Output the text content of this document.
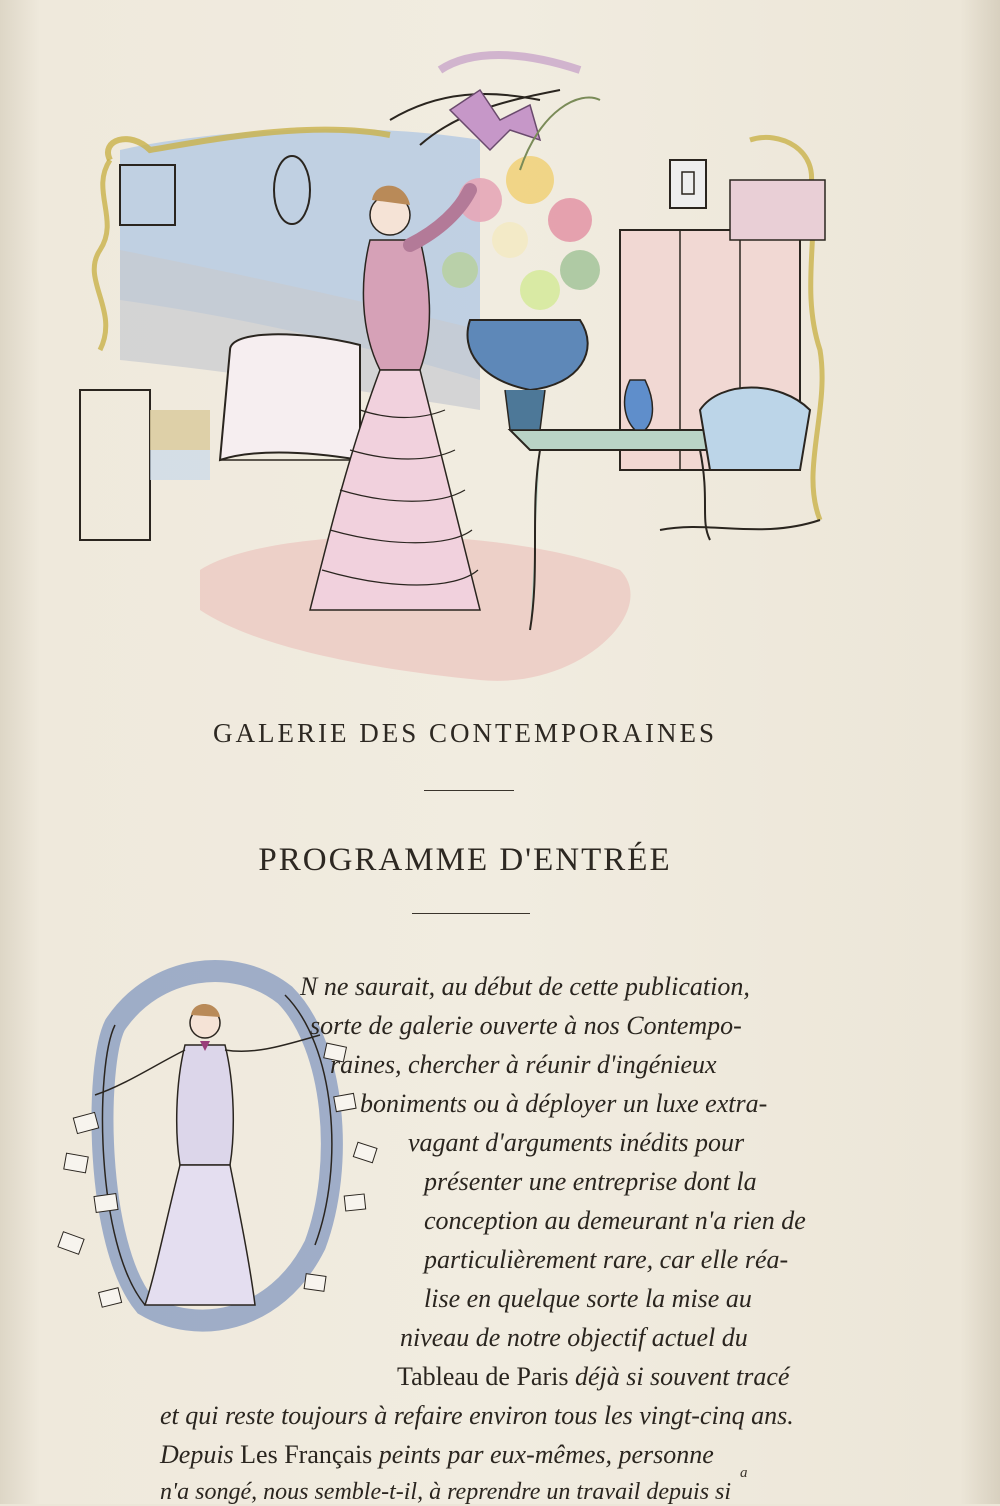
GALERIE DES CONTEMPORAINES
PROGRAMME D'ENTRÉE
O
N ne saurait, au début de cette publication,
sorte de galerie ouverte à nos Contempo-
raines, chercher à réunir d'ingénieux
boniments ou à déployer un luxe extra-
vagant d'arguments inédits pour
présenter une entreprise dont la
conception au demeurant n'a rien de
particulièrement rare, car elle réa-
lise en quelque sorte la mise au
niveau de notre objectif actuel du
Tableau de Paris déjà si souvent tracé
et qui reste toujours à refaire environ tous les vingt-cinq ans.
Depuis Les Français peints par eux-mêmes, personne
n'a songé, nous semble-t-il, à reprendre un travail depuis si
a
